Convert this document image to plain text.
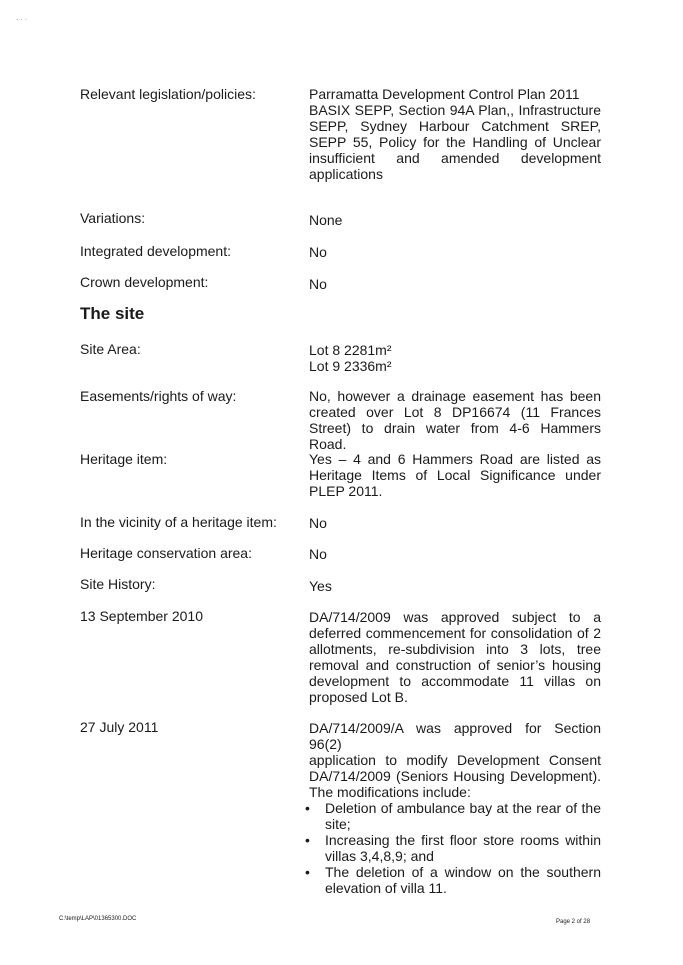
. . .
Relevant legislation/policies:	Parramatta Development Control Plan 2011
BASIX SEPP, Section 94A Plan,, Infrastructure
SEPP, Sydney Harbour Catchment SREP,
SEPP 55, Policy for the Handling of Unclear
insufficient and amended development
applications
Variations:	None
Integrated development:	No
Crown development:	No
The site
Site Area:	Lot 8 2281m²
Lot 9 2336m²
Easements/rights of way:	No, however a drainage easement has been
created over Lot 8 DP16674 (11 Frances
Street) to drain water from 4-6 Hammers Road.
Heritage item:	Yes – 4 and 6 Hammers Road are listed as
Heritage Items of Local Significance under
PLEP 2011.
In the vicinity of a heritage item:	No
Heritage conservation area:	No
Site History:	Yes
13 September 2010	DA/714/2009 was approved subject to a
deferred commencement for consolidation of 2
allotments, re-subdivision into 3 lots, tree
removal and construction of senior’s housing
development to accommodate 11 villas on
proposed Lot B.
27 July 2011	DA/714/2009/A was approved for Section 96(2)
application to modify Development Consent
DA/714/2009 (Seniors Housing Development).
The modifications include:
• Deletion of ambulance bay at the rear of the
site;
• Increasing the first floor store rooms within
villas 3,4,8,9; and
• The deletion of a window on the southern
elevation of villa 11.
C:\temp\LAP\01365300.DOC	Page 2 of 28
